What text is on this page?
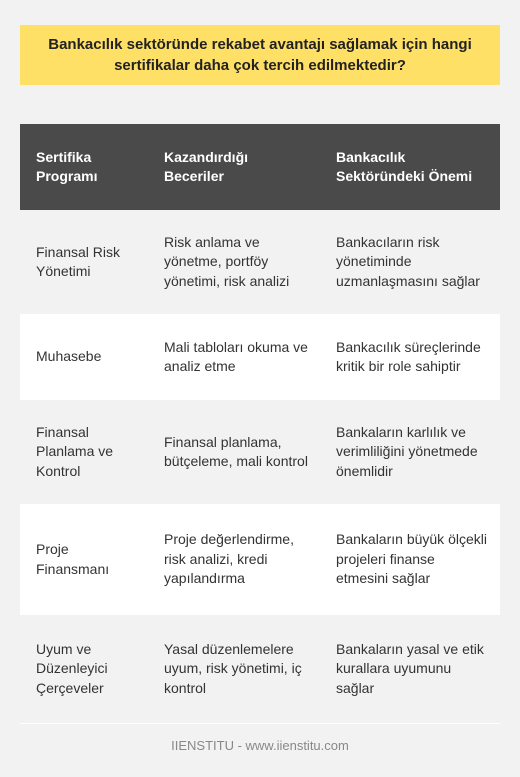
Bankacılık sektöründe rekabet avantajı sağlamak için hangi sertifikalar daha çok tercih edilmektedir?
Sertifika Programı	Kazandırdığı Beceriler	Bankacılık Sektöründeki Önemi
Finansal Risk Yönetimi	Risk anlama ve yönetme, portföy yönetimi, risk analizi	Bankacıların risk yönetiminde uzmanlaşmasını sağlar
Muhasebe	Mali tabloları okuma ve analiz etme	Bankacılık süreçlerinde kritik bir role sahiptir
Finansal Planlama ve Kontrol	Finansal planlama, bütçeleme, mali kontrol	Bankaların karlılık ve verimliliğini yönetmede önemlidir
Proje Finansmanı	Proje değerlendirme, risk analizi, kredi yapılandırma	Bankaların büyük ölçekli projeleri finanse etmesini sağlar
Uyum ve Düzenleyici Çerçeveler	Yasal düzenlemelere uyum, risk yönetimi, iç kontrol	Bankaların yasal ve etik kurallara uyumunu sağlar
IIENSTITU - www.iienstitu.com
